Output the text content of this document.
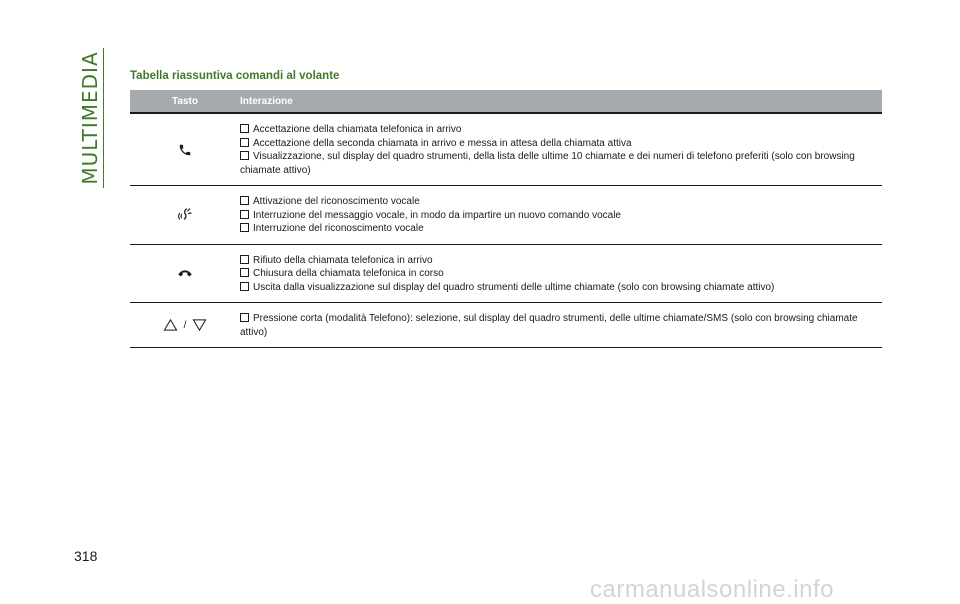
MULTIMEDIA Tabella riassuntiva comandi al volante
Tasto	Interazione
Accettazione della chiamata telefonica in arrivo
Accettazione della seconda chiamata in arrivo e messa in attesa della chiamata attiva
Visualizzazione, sul display del quadro strumenti, della lista delle ultime 10 chiamate e dei numeri di telefono preferiti (solo con browsing chiamate attivo)
Attivazione del riconoscimento vocale
Interruzione del messaggio vocale, in modo da impartire un nuovo comando vocale
Interruzione del riconoscimento vocale
Rifiuto della chiamata telefonica in arrivo
Chiusura della chiamata telefonica in corso
Uscita dalla visualizzazione sul display del quadro strumenti delle ultime chiamate (solo con browsing chiamate attivo)
/
Pressione corta (modalità Telefono): selezione, sul display del quadro strumenti, delle ultime chiamate/SMS (solo con browsing chiamate attivo)
318
carmanualsonline.info
